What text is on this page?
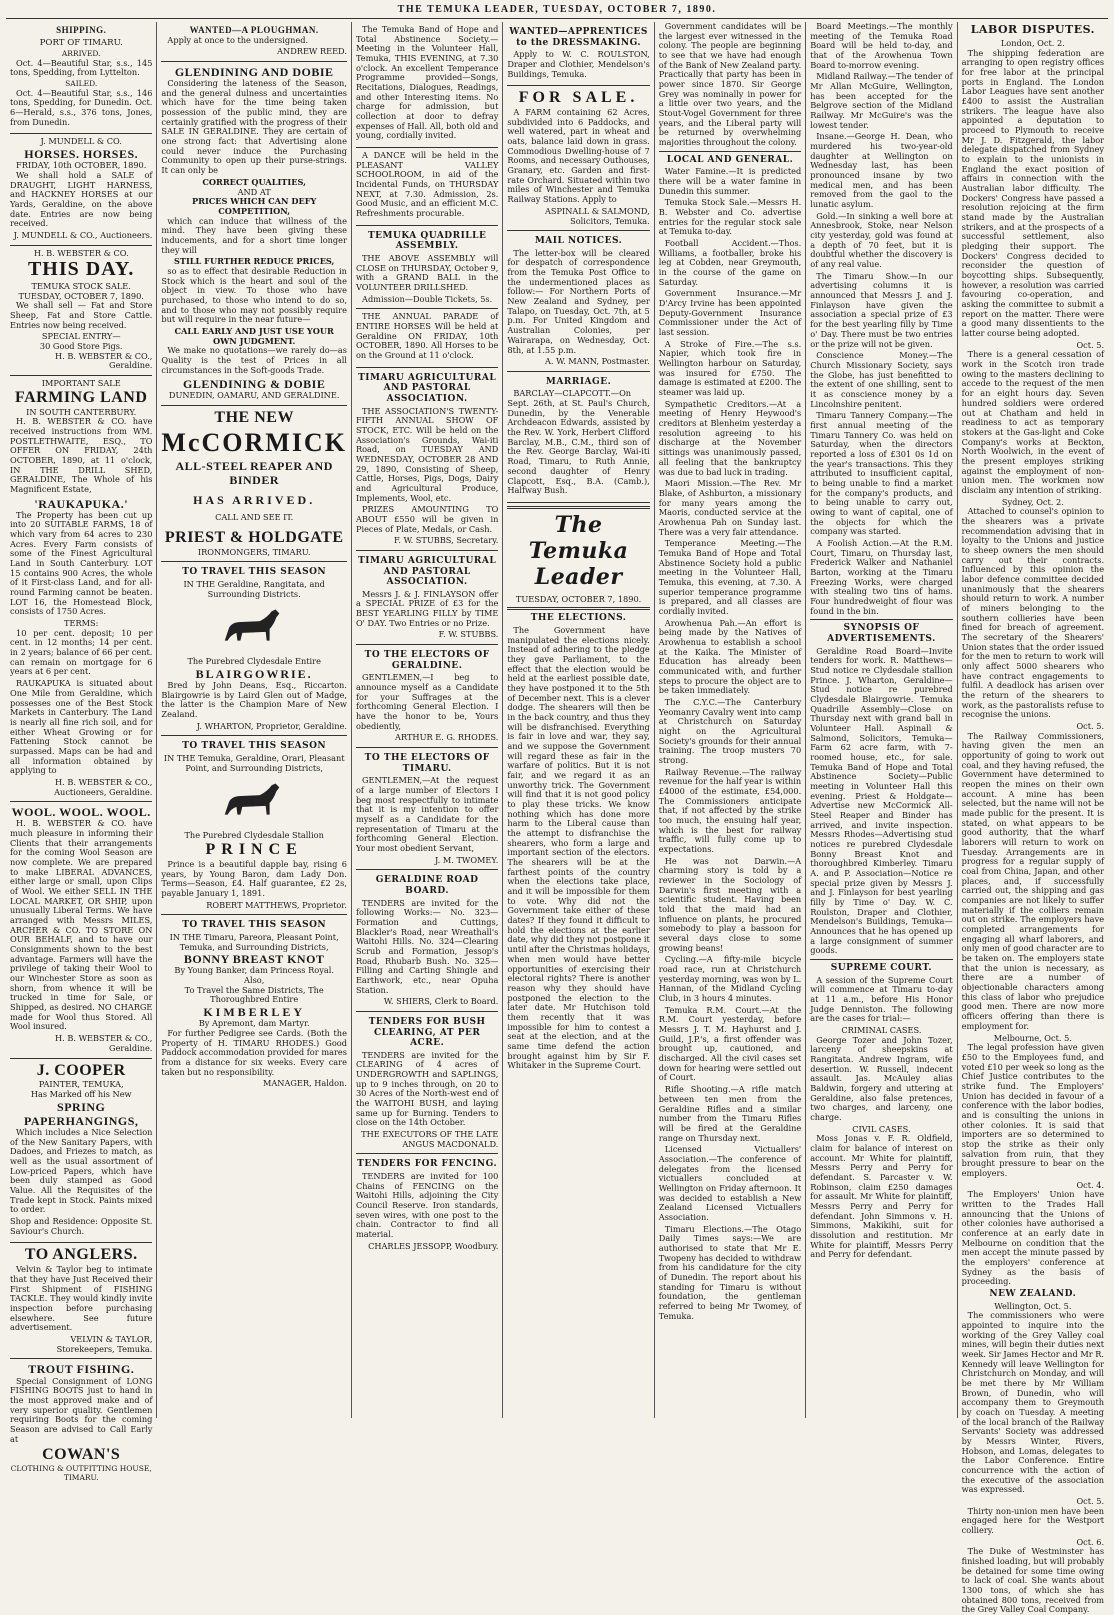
THE TEMUKA LEADER, TUESDAY, OCTOBER 7, 1890.
SHIPPING.
PORT OF TIMARU.
ARRIVED.

Oct. 4—Beautiful Star, s.s., 145 tons, Spedding, from Lyttelton.

SAILED.

Oct. 4—Beautiful Star, s.s., 146 tons, Spedding, for Dunedin. Oct. 6—Herald, s.s., 376 tons, Jones, from Dunedin.

J. MUNDELL & CO.
HORSES. HORSES.
FRIDAY, 10th OCTOBER, 1890.

We shall hold a SALE of DRAUGHT, LIGHT HARNESS, and HACKNEY HORSES at our Yards, Geraldine, on the above date. Entries are now being received.

J. MUNDELL & CO., Auctioneers.
H. B. WEBSTER & CO.
THIS DAY.
TEMUKA STOCK SALE.
TUESDAY, OCTOBER 7, 1890.

We shall sell — Fat and Store Sheep, Fat and Store Cattle. Entries now being received.

SPECIAL ENTRY—
30 Good Store Pigs.
H. B. WEBSTER & CO., Geraldine.
IMPORTANT SALE
FARMING LAND
IN SOUTH CANTERBURY.

H. B. WEBSTER & CO. have received instructions from WM. POSTLETHWAITE, ESQ., TO OFFER ON FRIDAY, 24th OCTOBER, 1890, at 11 o'clock, IN THE DRILL SHED, GERALDINE, The Whole of his Magnificent Estate,

'RAUKAPUKA.'

The Property has been cut up into 20 SUITABLE FARMS, 18 of which vary from 64 acres to 230 Acres. Every Farm consists of some of the Finest Agricultural Land in South Canterbury. LOT 15 contains 900 Acres, the whole of it First-class Land, and for all-round Farming cannot be beaten. LOT 16, the Homestead Block, consists of 1750 Acres.

TERMS:

10 per cent. deposit; 10 per cent. in 12 months; 14 per cent. in 2 years; balance of 66 per cent. can remain on mortgage for 6 years at 6 per cent.

RAUKAPUKA is situated about One Mile from Geraldine, which possesses one of the Best Stock Markets in Canterbury. The Land is nearly all fine rich soil, and for either Wheat Growing or for Fattening Stock cannot be surpassed. Maps can be had and all information obtained by applying to

H. B. WEBSTER & CO., Auctioneers, Geraldine.
WOOL. WOOL. WOOL.

H. B. WEBSTER & CO. have much pleasure in informing their Clients that their arrangements for the coming Wool Season are now complete. We are prepared to make LIBERAL ADVANCES, either large or small, upon Clips of Wool. We either SELL IN THE LOCAL MARKET, OR SHIP, upon unusually Liberal Terms. We have arranged with Messrs MILES, ARCHER & CO. TO STORE ON OUR BEHALF, and to have our Consignments shown to the best advantage. Farmers will have the privilege of taking their Wool to our Winchester Store as soon as shorn, from whence it will be trucked in time for Sale, or Shipped, as desired. NO CHARGE made for Wool thus Stored. All Wool insured.

H. B. WEBSTER & CO., Geraldine.
J. COOPER
PAINTER, TEMUKA,
Has Marked off his New
SPRING PAPERHANGINGS,

Which includes a Nice Selection of the New Sanitary Papers, with Dadoes, and Friezes to match, as well as the usual assortment of Low-priced Papers, which have been duly stamped as Good Value. All the Requisites of the Trade kept in Stock. Paints mixed to order.

Shop and Residence: Opposite St. Saviour's Church.

TO ANGLERS.

Velvin & Taylor beg to intimate that they have Just Received their First Shipment of FISHING TACKLE. They would kindly invite inspection before purchasing elsewhere. See future advertisement.

VELVIN & TAYLOR, Storekeepers, Temuka.
TROUT FISHING.

Special Consignment of LONG FISHING BOOTS just to hand in the most approved make and of very superior quality. Gentlemen requiring Boots for the coming Season are advised to Call Early at

COWAN'S
CLOTHING & OUTFITTING HOUSE, TIMARU.
WANTED—A PLOUGHMAN.

Apply at once to the undersigned.

ANDREW REED.
GLENDINING AND DOBIE

Considering the lateness of the Season, and the general dulness and uncertainties which have for the time being taken possession of the public mind, they are certainly gratified with the progress of their SALE IN GERALDINE. They are certain of one strong fact: that Advertising alone could never induce the Purchasing Community to open up their purse-strings. It can only be

CORRECT QUALITIES,
AND AT
PRICES WHICH CAN DEFY COMPETITION,

which can induce that willness of the mind. They have been giving these inducements, and for a short time longer they will

STILL FURTHER REDUCE PRICES,

so as to effect that desirable Reduction in Stock which is the heart and soul of the object in view. To those who have purchased, to those who intend to do so, and to those who may not possibly require but will require in the near future—

CALL EARLY AND JUST USE YOUR OWN JUDGMENT.

We make no quotations—we rarely do—as Quality is the test of Prices in all circumstances in the Soft-goods Trade.

GLENDINING & DOBIE
DUNEDIN, OAMARU, AND GERALDINE.
THE NEW
McCORMICK
ALL-STEEL REAPER AND BINDER
HAS ARRIVED.
CALL AND SEE IT.
PRIEST & HOLDGATE
IRONMONGERS, TIMARU.
TO TRAVEL THIS SEASON
IN THE Geraldine, Rangitata, and Surrounding Districts.
The Purebred Clydesdale Entire
BLAIRGOWRIE.

Bred by John Deans, Esq., Riccarton. Blairgowrie is by Laird Glen out of Madge, the latter is the Champion Mare of New Zealand.

J. WHARTON, Proprietor, Geraldine.
TO TRAVEL THIS SEASON
IN THE Temuka, Geraldine, Orari, Pleasant Point, and Surrounding Districts,
The Purebred Clydesdale Stallion
PRINCE

Prince is a beautiful dapple bay, rising 6 years, by Young Baron, dam Lady Don. Terms—Season, £4. Half guarantee, £2 2s, payable January 1, 1891.

ROBERT MATTHEWS, Proprietor.
TO TRAVEL THIS SEASON
IN THE Timaru, Pareora, Pleasant Point, Temuka, and Surrounding Districts,
BONNY BREAST KNOT
By Young Banker, dam Princess Royal.
Also,
To Travel the Same Districts, The Thoroughbred Entire
KIMBERLEY
By Apremont, dam Martyr.

For further Pedigree see Cards. (Both the Property of H. TIMARU RHODES.) Good Paddock accommodation provided for mares from a distance for six weeks. Every care taken but no responsibility.

MANAGER, Haldon.

The Temuka Band of Hope and Total Abstinence Society.—Meeting in the Volunteer Hall, Temuka, THIS EVENING, at 7.30 o'clock. An excellent Temperance Programme provided—Songs, Recitations, Dialogues, Readings, and other Interesting items. No charge for admission, but collection at door to defray expenses of Hall. All, both old and young, cordially invited.

A DANCE will be held in the PLEASANT VALLEY SCHOOLROOM, in aid of the Incidental Funds, on THURSDAY NEXT, at 7.30. Admission, 2s. Good Music, and an efficient M.C. Refreshments procurable.

TEMUKA QUADRILLE ASSEMBLY.

THE ABOVE ASSEMBLY will CLOSE on THURSDAY, October 9, with a GRAND BALL in the VOLUNTEER DRILLSHED.

Admission—Double Tickets, 5s.

THE ANNUAL PARADE of ENTIRE HORSES Will be held at Geraldine ON FRIDAY, 10th OCTOBER, 1890. All Horses to be on the Ground at 11 o'clock.

TIMARU AGRICULTURAL AND PASTORAL ASSOCIATION.

THE ASSOCIATION'S TWENTY-FIFTH ANNUAL SHOW OF STOCK, ETC. Will be held on the Association's Grounds, Wai-iti Road, on TUESDAY AND WEDNESDAY, OCTOBER 28 AND 29, 1890, Consisting of Sheep, Cattle, Horses, Pigs, Dogs, Dairy and Agricultural Produce, Implements, Wool, etc.

PRIZES AMOUNTING TO ABOUT £550 will be given in Pieces of Plate, Medals, or Cash.

F. W. STUBBS, Secretary.
TIMARU AGRICULTURAL AND PASTORAL ASSOCIATION.

Messrs J. & J. FINLAYSON offer a SPECIAL PRIZE of £3 for the BEST YEARLING FILLY by TIME O' DAY. Two Entries or no Prize.

F. W. STUBBS.
TO THE ELECTORS OF GERALDINE.

GENTLEMEN,—I beg to announce myself as a Candidate for your Suffrages at the forthcoming General Election. I have the honor to be, Yours obediently,

ARTHUR E. G. RHODES.
TO THE ELECTORS OF TIMARU.

GENTLEMEN,—At the request of a large number of Electors I beg most respectfully to intimate that it is my intention to offer myself as a Candidate for the representation of Timaru at the forthcoming General Election. Your most obedient Servant,

J. M. TWOMEY.
GERALDINE ROAD BOARD.

TENDERS are invited for the following Works:— No. 323—Formation and Cuttings, Blackler's Road, near Wreathall's Waitohi Hills. No. 324—Clearing Scrub and Formation, Jessop's Road, Rhubarb Bush. No. 325—Filling and Carting Shingle and Earthwork, etc., near Opuha Station.

W. SHIERS, Clerk to Board.
TENDERS FOR BUSH CLEARING, AT PER ACRE.

TENDERS are invited for the CLEARING of 4 acres of UNDERGROWTH and SAPLINGS, up to 9 inches through, on 20 to 30 Acres of the North-west end of the WAITOHI BUSH, and laying same up for Burning. Tenders to close on the 14th October.

THE EXECUTORS OF THE LATE ANGUS MACDONALD.
TENDERS FOR FENCING.

TENDERS are invited for 100 Chains of FENCING on the Waitohi Hills, adjoining the City Council Reserve. Iron standards, seven wires, with one post to the chain. Contractor to find all material.

CHARLES JESSOPP, Woodbury.
WANTED—APPRENTICES to the DRESSMAKING.

Apply to W. C. ROULSTON, Draper and Clothier, Mendelson's Buildings, Temuka.

FOR SALE.

A FARM containing 62 Acres, subdivided into 6 Paddocks, and well watered, part in wheat and oats, balance laid down in grass. Commodious Dwelling-house of 7 Rooms, and necessary Outhouses, Granary, etc. Garden and first-rate Orchard. Situated within two miles of Winchester and Temuka Railway Stations. Apply to

ASPINALL & SALMOND, Solicitors, Temuka.
MAIL NOTICES.

The letter-box will be cleared for despatch of correspondence from the Temuka Post Office to the undermentioned places as follow:— For Northern Ports of New Zealand and Sydney, per Talapo, on Tuesday, Oct. 7th, at 5 p.m. For United Kingdom and Australian Colonies, per Wairarapa, on Wednesday, Oct. 8th, at 1.55 p.m.

A. W. MANN, Postmaster.
MARRIAGE.

BARCLAY—CLAPCOTT.—On Sept. 26th, at St. Paul's Church, Dunedin, by the Venerable Archdeacon Edwards, assisted by the Rev. W. York, Herbert Clifford Barclay, M.B., C.M., third son of the Rev. George Barclay, Wai-iti Road, Timaru, to Ruth Annie, second daughter of Henry Clapcott, Esq., B.A. (Camb.), Halfway Bush.

The Temuka Leader
TUESDAY, OCTOBER 7, 1890.
THE ELECTIONS.

The Government have manipulated the elections nicely. Instead of adhering to the pledge they gave Parliament, to the effect that the election would be held at the earliest possible date, they have postponed it to the 5th of December next. This is a clever dodge. The shearers will then be in the back country, and thus they will be disfranchised. Everything is fair in love and war, they say, and we suppose the Government will regard these as fair in the warfare of politics. But it is not fair, and we regard it as an unworthy trick. The Government will find that it is not good policy to play these tricks. We know nothing which has done more harm to the Liberal cause than the attempt to disfranchise the shearers, who form a large and important section of the electors. The shearers will be at the farthest points of the country when the elections take place, and it will be impossible for them to vote. Why did not the Government take either of these dates? If they found it difficult to hold the elections at the earlier date, why did they not postpone it until after the Christmas holidays, when men would have better opportunities of exercising their electoral rights? There is another reason why they should have postponed the election to the later date. Mr Hutchison told them recently that it was impossible for him to contest a seat at the election, and at the same time defend the action brought against him by Sir F. Whitaker in the Supreme Court.

Government candidates will be the largest ever witnessed in the colony. The people are beginning to see that we have had enough of the Bank of New Zealand party. Practically that party has been in power since 1870. Sir George Grey was nominally in power for a little over two years, and the Stout-Vogel Government for three years, and the Liberal party will be returned by overwhelming majorities throughout the colony.

LOCAL AND GENERAL.

Water Famine.—It is predicted there will be a water famine in Dunedin this summer.

Temuka Stock Sale.—Messrs H. B. Webster and Co. advertise entries for the regular stock sale at Temuka to-day.

Football Accident.—Thos. Williams, a footballer, broke his leg at Cobden, near Greymouth, in the course of the game on Saturday.

Government Insurance.—Mr D'Arcy Irvine has been appointed Deputy-Government Insurance Commissioner under the Act of last session.

A Stroke of Fire.—The s.s. Napier, which took fire in Wellington harbour on Saturday, was insured for £750. The damage is estimated at £200. The steamer was laid up.

Sympathetic Creditors.—At a meeting of Henry Heywood's creditors at Blenheim yesterday a resolution agreeing to his discharge at the November sittings was unanimously passed, all feeling that the bankruptcy was due to bad luck in trading.

Maori Mission.—The Rev. Mr Blake, of Ashburton, a missionary for many years among the Maoris, conducted service at the Arowhenua Pah on Sunday last. There was a very fair attendance.

Temperance Meeting.—The Temuka Band of Hope and Total Abstinence Society hold a public meeting in the Volunteer Hall, Temuka, this evening, at 7.30. A superior temperance programme is prepared, and all classes are cordially invited.

Arowhenua Pah.—An effort is being made by the Natives of Arowhenua to establish a school at the Kaika. The Minister of Education has already been communicated with, and further steps to procure the object are to be taken immediately.

The C.Y.C.—The Canterbury Yeomanry Cavalry went into camp at Christchurch on Saturday night on the Agricultural Society's grounds for their annual training. The troop musters 70 strong.

Railway Revenue.—The railway revenue for the half year is within £4000 of the estimate, £54,000. The Commissioners anticipate that, if not affected by the strike too much, the ensuing half year, which is the best for railway traffic, will fully come up to expectations.

He was not Darwin.—A charming story is told by a reviewer in the Sociology of Darwin's first meeting with a scientific student. Having been told that the maid had an influence on plants, he procured somebody to play a bassoon for several days close to some growing beans!

Cycling.—A fifty-mile bicycle road race, run at Christchurch yesterday morning, was won by L. Hannan, of the Midland Cycling Club, in 3 hours 4 minutes.

Temuka R.M. Court.—At the R.M. Court yesterday, before Messrs J. T. M. Hayhurst and J. Guild, J.P.'s, a first offender was brought up, cautioned, and discharged. All the civil cases set down for hearing were settled out of Court.

Rifle Shooting.—A rifle match between ten men from the Geraldine Rifles and a similar number from the Timaru Rifles will be fired at the Geraldine range on Thursday next.

Licensed Victuallers' Association.—The conference of delegates from the licensed victuallers concluded at Wellington on Friday afternoon. It was decided to establish a New Zealand Licensed Victuallers Association.

Timaru Elections.—The Otago Daily Times says:—We are authorised to state that Mr E. Twopeny has decided to withdraw from his candidature for the city of Dunedin. The report about his standing for Timaru is without foundation, the gentleman referred to being Mr Twomey, of Temuka.

Board Meetings.—The monthly meeting of the Temuka Road Board will be held to-day, and that of the Arowhenua Town Board to-morrow evening.

Midland Railway.—The tender of Mr Allan McGuire, Wellington, has been accepted for the Belgrove section of the Midland Railway. Mr McGuire's was the lowest tender.

Insane.—George H. Dean, who murdered his two-year-old daughter at Wellington on Wednesday last, has been pronounced insane by two medical men, and has been removed from the gaol to the lunatic asylum.

Gold.—In sinking a well bore at Annesbrook, Stoke, near Nelson city yesterday, gold was found at a depth of 70 feet, but it is doubtful whether the discovery is of any real value.

The Timaru Show.—In our advertising columns it is announced that Messrs J. and J. Finlayson have given the association a special prize of £3 for the best yearling filly by Time o' Day. There must be two entries or the prize will not be given.

Conscience Money.—The Church Missionary Society, says the Globe, has just benefitted to the extent of one shilling, sent to it as conscience money by a Lincolnshire penitent.

Timaru Tannery Company.—The first annual meeting of the Timaru Tannery Co. was held on Saturday, when the directors reported a loss of £301 0s 1d on the year's transactions. This they attributed to insufficient capital, to being unable to find a market for the company's products, and to being unable to carry out, owing to want of capital, one of the objects for which the company was started.

A Foolish Action.—At the R.M. Court, Timaru, on Thursday last, Frederick Walker and Nathaniel Barton, working at the Timaru Freezing Works, were charged with stealing two tins of hams. Four hundredweight of flour was found in the bin.

SYNOPSIS OF ADVERTISEMENTS.

Geraldine Road Board—Invite tenders for work. R. Matthews—Stud notice re Clydesdale stallion Prince. J. Wharton, Geraldine—Stud notice re purebred Clydesdale Blairgowrie. Temuka Quadrille Assembly—Close on Thursday next with grand ball in Volunteer Hall. Aspinall & Salmond, Solicitors, Temuka—Farm 62 acre farm, with 7-roomed house, etc., for sale. Temuka Band of Hope and Total Abstinence Society—Public meeting in Volunteer Hall this evening. Priest & Holdgate—Advertise new McCormick All-Steel Reaper and Binder has arrived, and invite inspection. Messrs Rhodes—Advertising stud notices re purebred Clydesdale Bonny Breast Knot and thoroughbred Kimberley. Timaru A. and P. Association—Notice re special prize given by Messrs J. and J. Finlayson for best yearling filly by Time o' Day. W. C. Roulston, Draper and Clothier, Mendelson's Buildings, Temuka—Announces that he has opened up a large consignment of summer goods.

SUPREME COURT.

A session of the Supreme Court will commence at Timaru to-day at 11 a.m., before His Honor Judge Denniston. The following are the cases for trial:—

CRIMINAL CASES.

George Tozer and John Tozer, larceny of sheepskins at Rangitata. Andrew Ingram, wife desertion. W. Russell, indecent assault. Jas. McAuley alias Baldwin, forgery and uttering at Geraldine, also false pretences, two charges, and larceny, one charge.

CIVIL CASES.

Moss Jonas v. F. R. Oldfield, claim for balance of interest on account. Mr White for plaintiff, Messrs Perry and Perry for defendant. S. Parcaster v. W. Robinson, claim £250 damages for assault. Mr White for plaintiff, Messrs Perry and Perry for defendant. John Simmons v. H. Simmons, Makikihi, suit for dissolution and restitution. Mr White for plaintiff, Messrs Perry and Perry for defendant.

LABOR DISPUTES.
London, Oct. 2.

The shipping federation are arranging to open registry offices for free labor at the principal ports in England. The London Labor Leagues have sent another £400 to assist the Australian strikers. The league have also appointed a deputation to proceed to Plymouth to receive Mr J. D. Fitzgerald, the labor delegate dispatched from Sydney to explain to the unionists in England the exact position of affairs in connection with the Australian labor difficulty. The Dockers' Congress have passed a resolution rejoicing at the firm stand made by the Australian strikers, and at the prospects of a successful settlement, also pledging their support. The Dockers' Congress decided to reconsider the question of boycotting ships. Subsequently, however, a resolution was carried favouring co-operation, and asking the committee to submit a report on the matter. There were a good many dissentients to the latter course being adopted.

Oct. 5.

There is a general cessation of work in the Scotch iron trade owing to the masters declining to accede to the request of the men for an eight hours day. Seven hundred soldiers were ordered out at Chatham and held in readiness to act as temporary stokers at the Gas-light and Coke Company's works at Beckton, North Woolwich, in the event of the present employes striking against the employment of non-union men. The workmen now disclaim any intention of striking.

Sydney, Oct. 2.

Attached to counsel's opinion to the shearers was a private recommendation advising that in loyalty to the Unions and justice to sheep owners the men should carry out their contracts. Influenced by this opinion the labor defence committee decided unanimously that the shearers should return to work. A number of miners belonging to the southern collieries have been fined for breach of agreement. The secretary of the Shearers' Union states that the order issued for the men to return to work will only affect 5000 shearers who have contract engagements to fulfil. A deadlock has arisen over the return of the shearers to work, as the pastoralists refuse to recognise the unions.

Oct. 5.

The Railway Commissioners, having given the men an opportunity of going to work out coal, and they having refused, the Government have determined to reopen the mines on their own account. A mine has been selected, but the name will not be made public for the present. It is stated, on what appears to be good authority, that the wharf laborers will return to work on Tuesday. Arrangements are in progress for a regular supply of coal from China, Japan, and other places, and, if successfully carried out, the shipping and gas companies are not likely to suffer materially if the colliers remain out on strike. The employers have completed arrangements for engaging all wharf laborers, and only men of good character are to be taken on. The employers state that the union is necessary, as there are a number of objectionable characters among this class of labor who prejudice good men. There are now more officers offering than there is employment for.

Melbourne, Oct. 5.

The legal profession have given £50 to the Employees fund, and voted £10 per week so long as the Chief Justice contributes to the strike fund. The Employers' Union has decided in favour of a conference with the labor bodies, and is consulting the unions in other colonies. It is said that importers are so determined to stop the strike as their only salvation from ruin, that they brought pressure to bear on the employers.

Oct. 4.

The Employers' Union have written to the Trades Hall announcing that the Unions of other colonies have authorised a conference at an early date in Melbourne on condition that the men accept the minute passed by the employers' conference at Sydney as the basis of proceeding.

NEW ZEALAND.
Wellington, Oct. 5.

The commissioners who were appointed to inquire into the working of the Grey Valley coal mines, will begin their duties next week. Sir James Hector and Mr R. Kennedy will leave Wellington for Christchurch on Monday, and will be met there by Mr William Brown, of Dunedin, who will accompany them to Greymouth by coach on Tuesday. A meeting of the local branch of the Railway Servants' Society was addressed by Messrs Winter, Rivers, Hobson, and Lomas, delegates to the Labor Conference. Entire concurrence with the action of the executive of the association was expressed.

Oct. 5.

Thirty non-union men have been engaged here for the Westport colliery.

Oct. 6.

The Duke of Westminster has finished loading, but will probably be detained for some time owing to lack of coal. She wants about 1300 tons, of which she has obtained 800 tons, received from the Grey Valley Coal Company.
